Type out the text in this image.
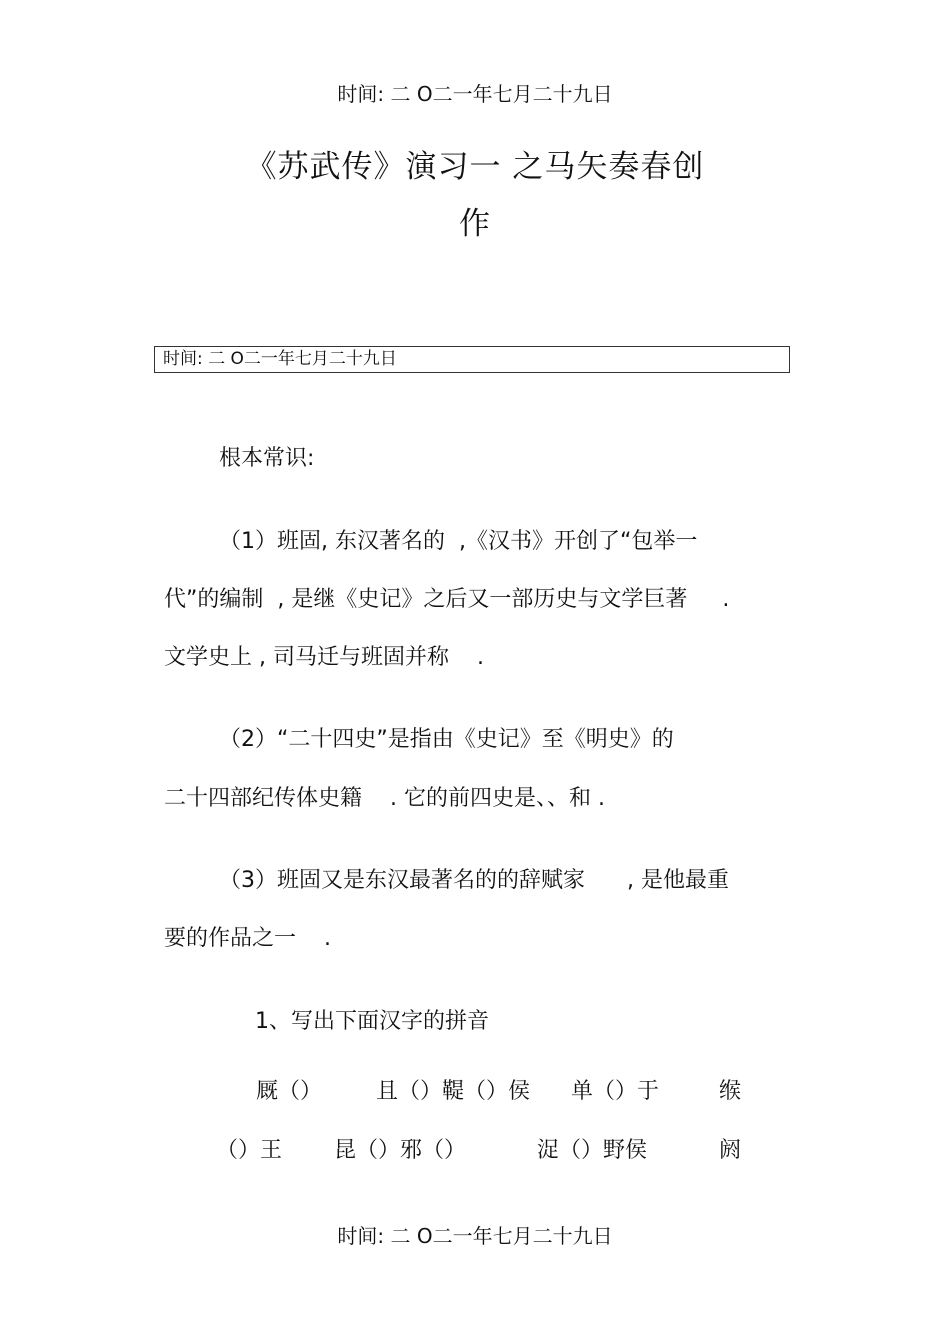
时间: 二 O二一年七月二十九日
《苏武传》演习一 之马矢奏春创
作
时间: 二 O二一年七月二十九日
根本常识:
（1）班固, 东汉著名的  ,《汉书》开创了“包举一
代”的编制  , 是继《史记》之后又一部历史与文学巨著     .
文学史上 , 司马迁与班固并称    .
（2）“二十四史”是指由《史记》至《明史》的
二十四部纪传体史籍    . 它的前四史是、、和 .
（3）班固又是东汉最著名的的辞赋家      , 是他最重
要的作品之一    .
1、写出下面汉字的拼音
厩（） 且（）鞮（）侯 单（）于	缑
（）王 昆（）邪（）	浞（）野侯	阏
时间: 二 O二一年七月二十九日
